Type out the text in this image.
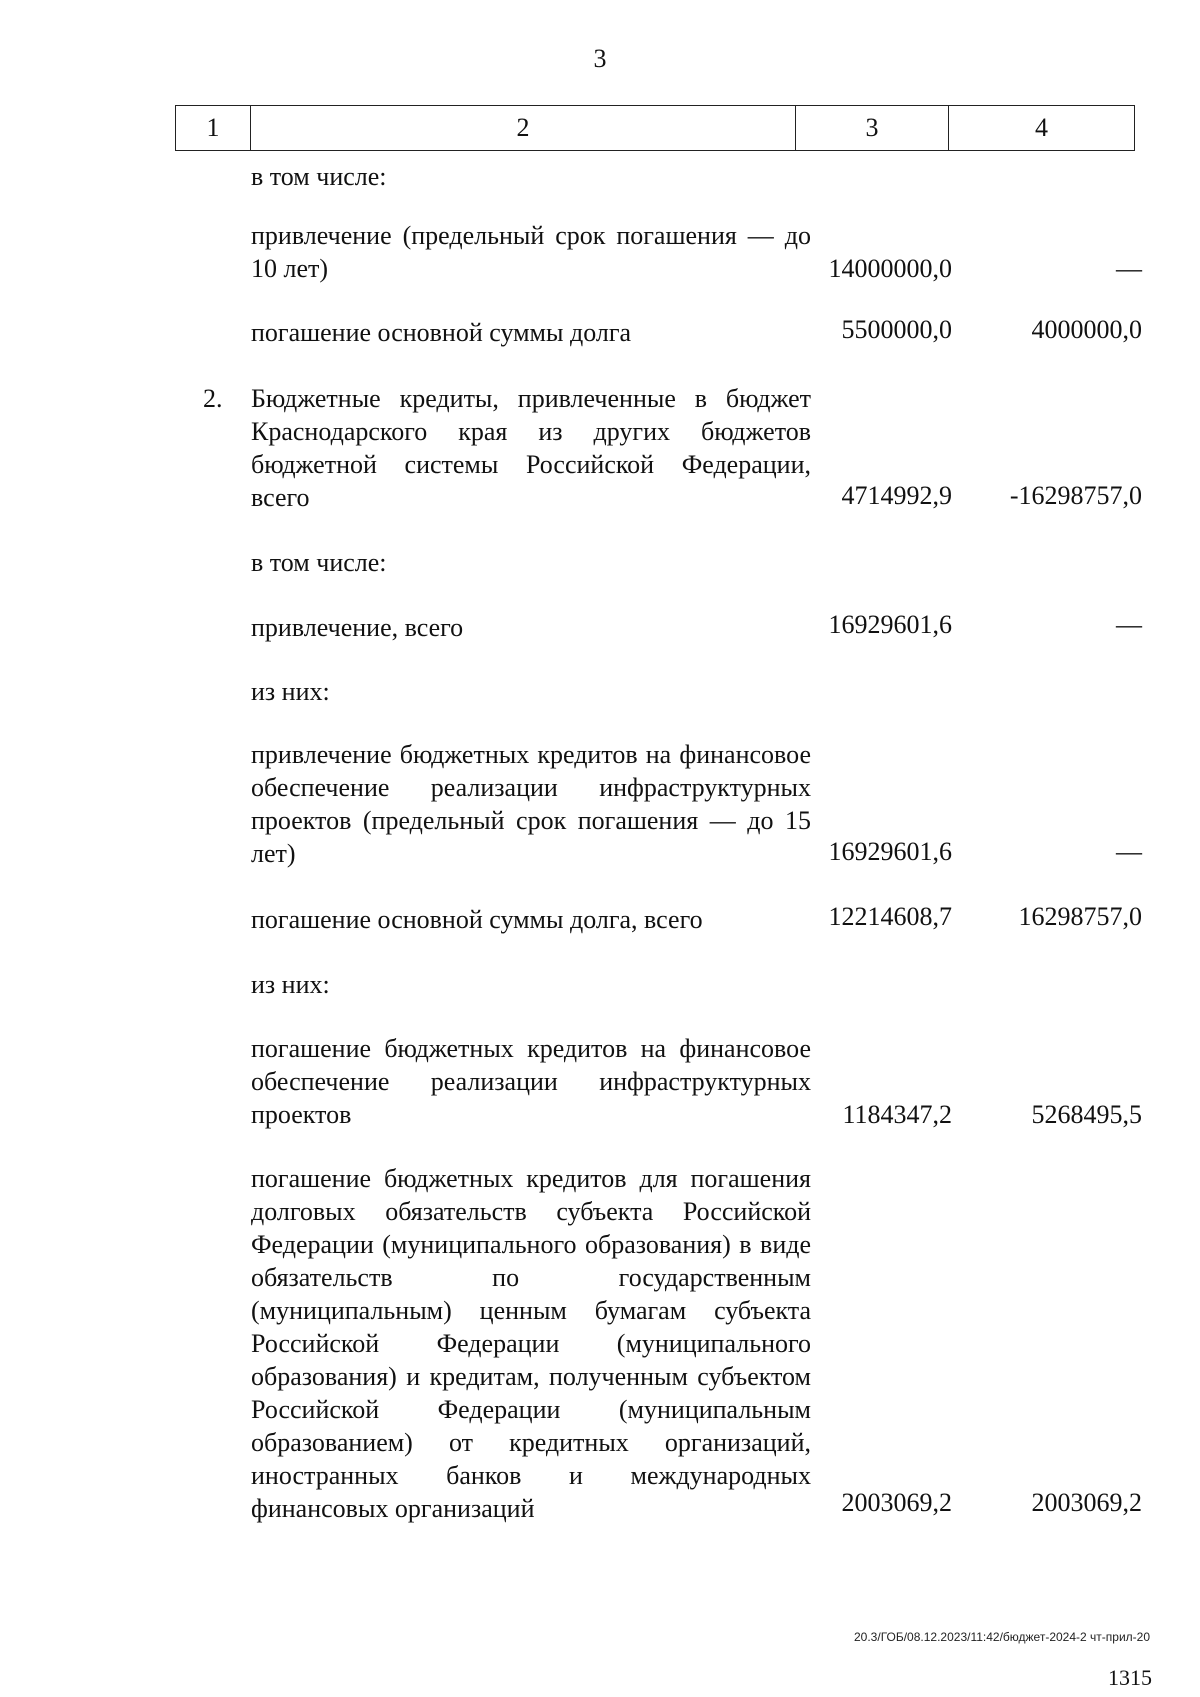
3
1	2	3	4
в том числе:
привлечение (предельный срок погашения — до 10 лет)	14000000,0	—
погашение основной суммы долга	5500000,0	4000000,0
2. Бюджетные кредиты, привлеченные в бюджет Краснодарского края из других бюджетов бюджетной системы Российской Федерации, всего	4714992,9 -16298757,0
в том числе:
привлечение, всего	16929601,6	—
из них:
привлечение бюджетных кредитов на финансовое обеспечение реализации инфраструктурных проектов (предельный срок погашения — до 15 лет)	16929601,6	—
погашение основной суммы долга, всего	12214608,7	16298757,0
из них:
погашение бюджетных кредитов на финансовое обеспечение реализации инфраструктурных проектов	1184347,2	5268495,5
погашение бюджетных кредитов для погашения долговых обязательств субъекта Российской Федерации (муниципального образования) в виде обязательств по государственным (муниципальным) ценным бумагам субъекта Российской Федерации (муниципального образования) и кредитам, полученным субъектом Российской Федерации (муниципальным образованием) от кредитных организаций, иностранных банков и международных финансовых организаций	2003069,2	2003069,2
20.3/ГОБ/08.12.2023/11:42/бюджет-2024-2 чт-прил-20
1315
